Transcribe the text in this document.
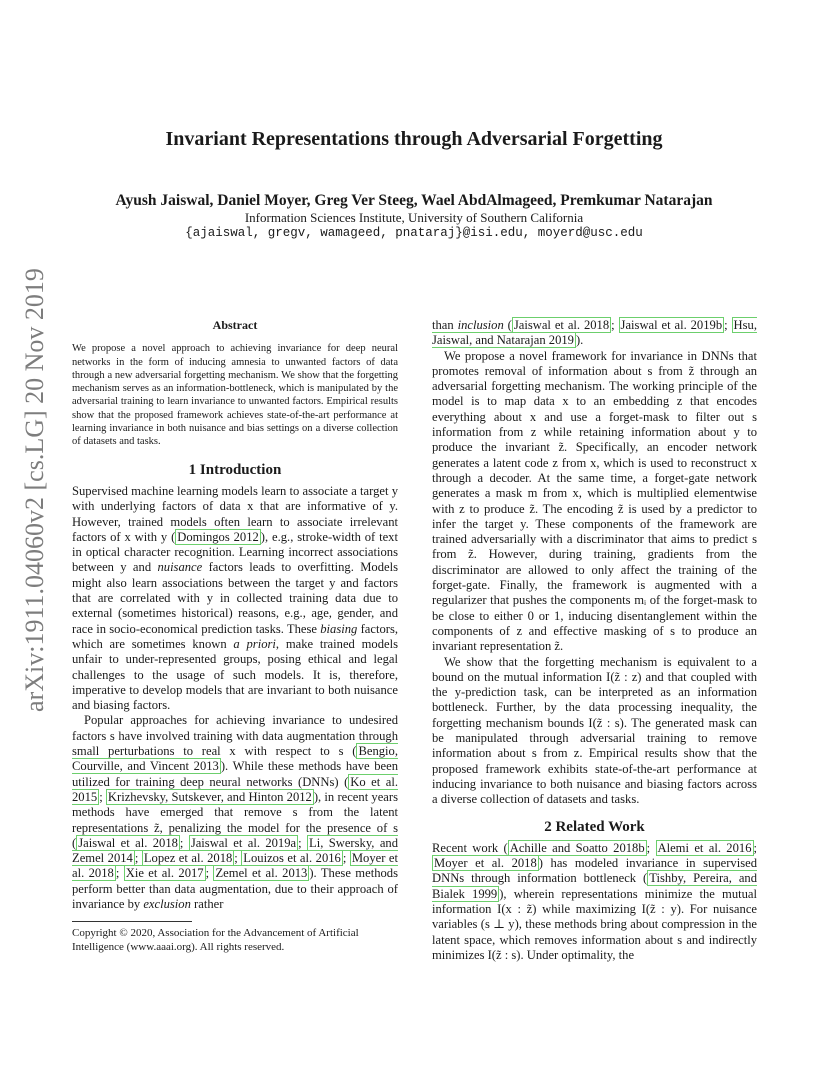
arXiv:1911.04060v2 [cs.LG] 20 Nov 2019
Invariant Representations through Adversarial Forgetting
Ayush Jaiswal, Daniel Moyer, Greg Ver Steeg, Wael AbdAlmageed, Premkumar Natarajan
Information Sciences Institute, University of Southern California
{ajaiswal, gregv, wamageed, pnataraj}@isi.edu, moyerd@usc.edu
Abstract

We propose a novel approach to achieving invariance for deep neural networks in the form of inducing amnesia to unwanted factors of data through a new adversarial forgetting mechanism. We show that the forgetting mechanism serves as an information-bottleneck, which is manipulated by the adversarial training to learn invariance to unwanted factors. Empirical results show that the proposed framework achieves state-of-the-art performance at learning invariance in both nuisance and bias settings on a diverse collection of datasets and tasks.

1 Introduction

Supervised machine learning models learn to associate a target y with underlying factors of data x that are informative of y. However, trained models often learn to associate irrelevant factors of x with y ( Domingos 2012 ), e.g., stroke-width of text in optical character recognition. Learning incorrect associations between y and nuisance factors leads to overfitting. Models might also learn associations between the target y and factors that are correlated with y in collected training data due to external (sometimes historical) reasons, e.g., age, gender, and race in socio-economical prediction tasks. These biasing factors, which are sometimes known a priori, make trained models unfair to under-represented groups, posing ethical and legal challenges to the usage of such models. It is, therefore, imperative to develop models that are invariant to both nuisance and biasing factors.

Popular approaches for achieving invariance to undesired factors s have involved training with data augmentation through small perturbations to real x with respect to s ( Bengio, Courville, and Vincent 2013 ). While these methods have been utilized for training deep neural networks (DNNs) ( Ko et al. 2015 ; Krizhevsky, Sutskever, and Hinton 2012 ), in recent years methods have emerged that remove s from the latent representations z̃, penalizing the model for the presence of s ( Jaiswal et al. 2018 ; Jaiswal et al. 2019a ; Li, Swersky, and Zemel 2014 ; Lopez et al. 2018 ; Louizos et al. 2016 ; Moyer et al. 2018 ; Xie et al. 2017 ; Zemel et al. 2013 ). These methods perform better than data augmentation, due to their approach of invariance by exclusion rather

Copyright © 2020, Association for the Advancement of Artificial Intelligence (www.aaai.org). All rights reserved.

than inclusion ( Jaiswal et al. 2018 ; Jaiswal et al. 2019b ; Hsu, Jaiswal, and Natarajan 2019 ).

We propose a novel framework for invariance in DNNs that promotes removal of information about s from z̃ through an adversarial forgetting mechanism. The working principle of the model is to map data x to an embedding z that encodes everything about x and use a forget-mask to filter out s information from z while retaining information about y to produce the invariant z̃. Specifically, an encoder network generates a latent code z from x, which is used to reconstruct x through a decoder. At the same time, a forget-gate network generates a mask m from x, which is multiplied elementwise with z to produce z̃. The encoding z̃ is used by a predictor to infer the target y. These components of the framework are trained adversarially with a discriminator that aims to predict s from z̃. However, during training, gradients from the discriminator are allowed to only affect the training of the forget-gate. Finally, the framework is augmented with a regularizer that pushes the components mᵢ of the forget-mask to be close to either 0 or 1, inducing disentanglement within the components of z and effective masking of s to produce an invariant representation z̃.

We show that the forgetting mechanism is equivalent to a bound on the mutual information I(z̃ : z) and that coupled with the y-prediction task, can be interpreted as an information bottleneck. Further, by the data processing inequality, the forgetting mechanism bounds I(z̃ : s). The generated mask can be manipulated through adversarial training to remove information about s from z. Empirical results show that the proposed framework exhibits state-of-the-art performance at inducing invariance to both nuisance and biasing factors across a diverse collection of datasets and tasks.

2 Related Work

Recent work ( Achille and Soatto 2018b ; Alemi et al. 2016 ; Moyer et al. 2018 ) has modeled invariance in supervised DNNs through information bottleneck ( Tishby, Pereira, and Bialek 1999 ), wherein representations minimize the mutual information I(x : z̃) while maximizing I(z̃ : y). For nuisance variables (s ⊥ y), these methods bring about compression in the latent space, which removes information about s and indirectly minimizes I(z̃ : s). Under optimality, the
